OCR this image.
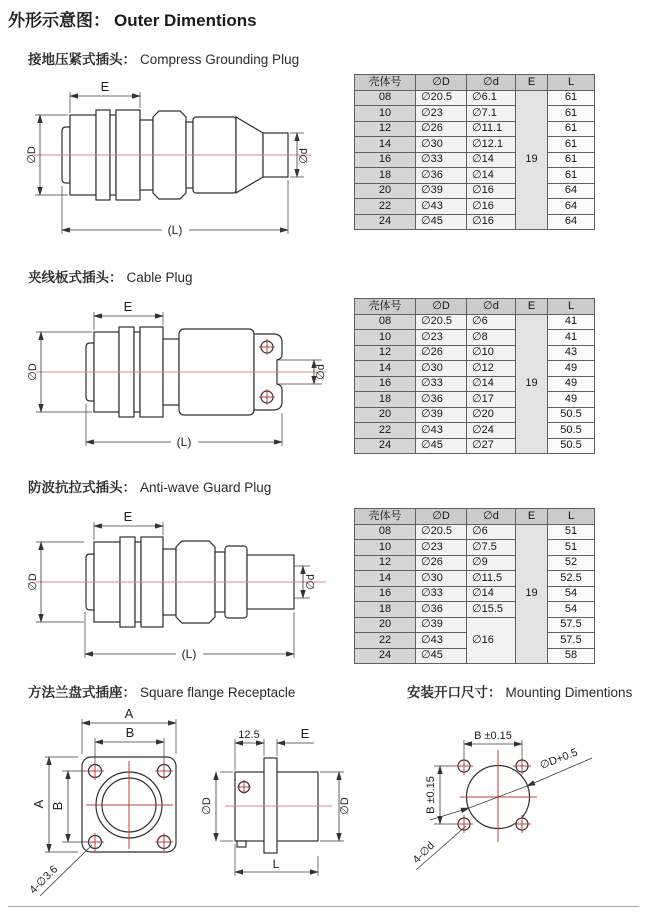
外形示意图： Outer Dimentions
接地压紧式插头： Compress Grounding Plug
E
∅D	∅d
(L)
壳体号	∅D	∅d	E	L
08	∅20.5	∅6.1	19	61
10	∅23	∅7.1		61
12	∅26	∅11.1		61
14	∅30	∅12.1		61
16	∅33	∅14		61
18	∅36	∅14		61
20	∅39	∅16		64
22	∅43	∅16		64
24	∅45	∅16		64
夹线板式插头： Cable Plug
E
∅D	∅d
(L)
壳体号	∅D	∅d	E	L
08	∅20.5	∅6	19	41
10	∅23	∅8		41
12	∅26	∅10		43
14	∅30	∅12		49
16	∅33	∅14		49
18	∅36	∅17		49
20	∅39	∅20		50.5
22	∅43	∅24		50.5
24	∅45	∅27		50.5
防波抗拉式插头： Anti-wave Guard Plug
E
∅D	∅d
(L)
壳体号	∅D	∅d	E	L
08	∅20.5	∅6	19	51
10	∅23	∅7.5		51
12	∅26	∅9		52
14	∅30	∅11.5		52.5
16	∅33	∅14		54
18	∅36	∅15.5		54
20	∅39	∅16		57.5
22	∅43			57.5
24	∅45			58
方法兰盘式插座： Square flange Receptacle	安装开口尺寸： Mounting Dimentions
A
B
A B
4-∅3.6
12.5	E
∅D	∅D
L
B ±0.15
B ±0.15
∅D+0.5
4-∅d
